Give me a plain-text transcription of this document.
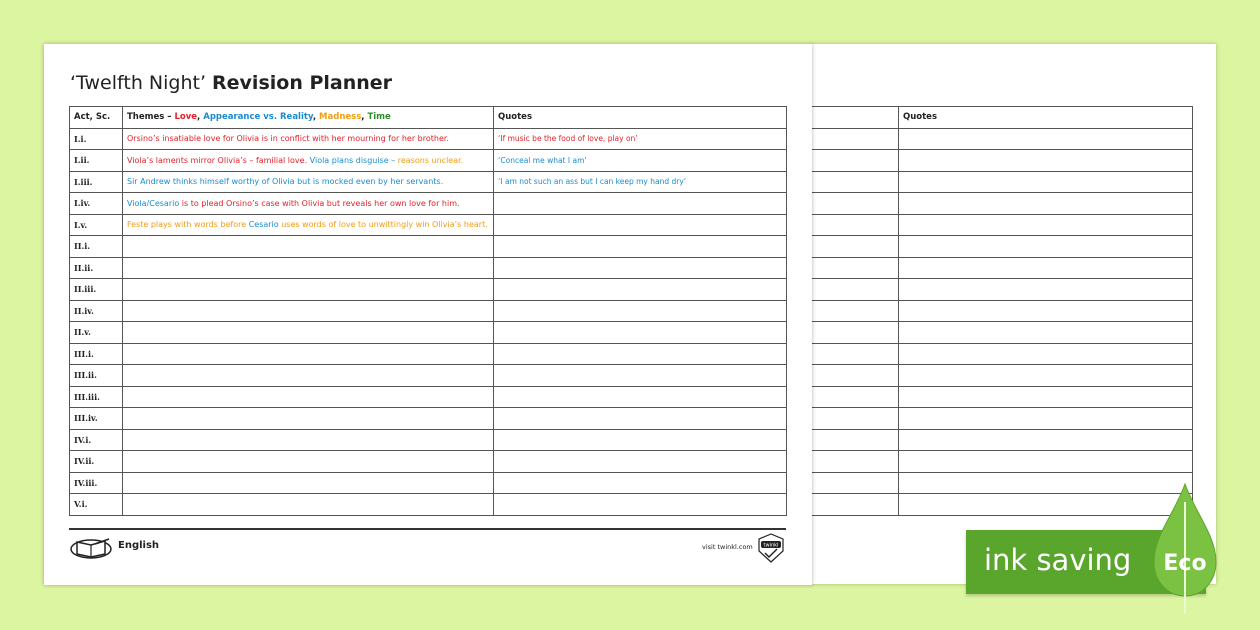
	Quotes

‘Twelfth Night’ Revision Planner
Act, Sc.	Themes – Love, Appearance vs. Reality, Madness, Time	Quotes
I.i.	Orsino’s insatiable love for Olivia is in conflict with her mourning for her brother.	‘If music be the food of love, play on’
I.ii.	Viola’s laments mirror Olivia’s – familial love. Viola plans disguise – reasons unclear.	‘Conceal me what I am’
I.iii.	Sir Andrew thinks himself worthy of Olivia but is mocked even by her servants.	‘I am not such an ass but I can keep my hand dry’
I.iv.	Viola/Cesario is to plead Orsino’s case with Olivia but reveals her own love for him.	
I.v.	Feste plays with words before Cesario uses words of love to unwittingly win Olivia’s heart.	
II.i.		
II.ii.		
II.iii.		
II.iv.		
II.v.		
III.i.		
III.ii.		
III.iii.		
III.iv.		
IV.i.		
IV.ii.		
IV.iii.		
V.i.		
English	visit twinkl.com twinkl	ink saving Eco
